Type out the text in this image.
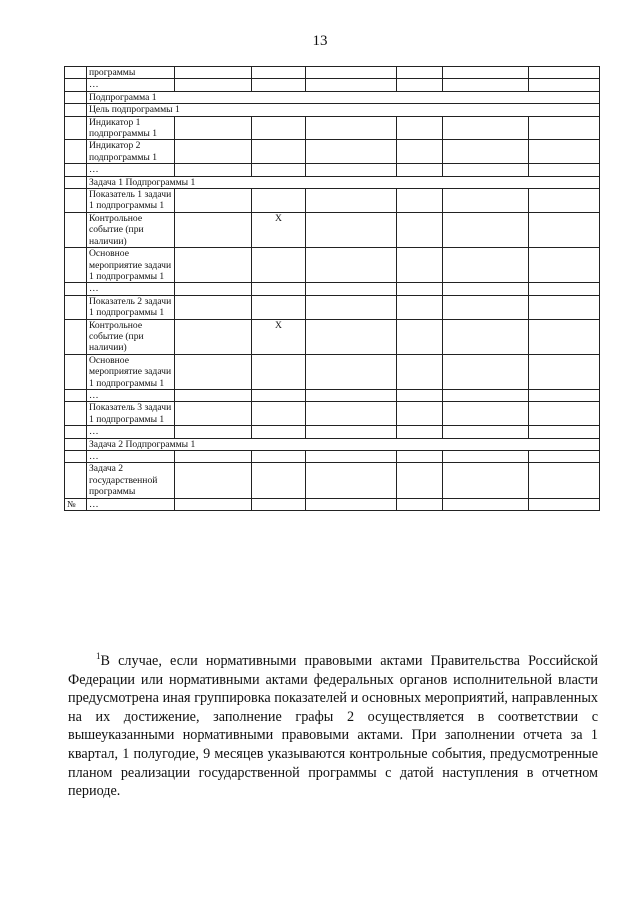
13
	программы						
	…						
	Подпрограмма 1						
	Цель подпрограммы 1						
	Индикатор 1 подпрограммы 1						
	Индикатор 2 подпрограммы 1						
	…						
	Задача 1 Подпрограммы 1						
	Показатель 1 задачи 1 подпрограммы 1						
	Контрольное событие (при наличии)		X				
	Основное мероприятие задачи 1 подпрограммы 1						
	…						
	Показатель 2 задачи 1 подпрограммы 1						
	Контрольное событие (при наличии)		X				
	Основное мероприятие задачи 1 подпрограммы 1						
	…						
	Показатель 3 задачи 1 подпрограммы 1						
	…						
	Задача 2 Подпрограммы 1						
	…						
	Задача 2 государственной программы						
№	…						
$^1$В случае, если нормативными правовыми актами Правительства Российской Федерации или нормативными актами федеральных органов исполнительной власти предусмотрена иная группировка показателей и основных мероприятий, направленных на их достижение, заполнение графы 2 осуществляется в соответствии с вышеуказанными нормативными правовыми актами. При заполнении отчета за 1 квартал, 1 полугодие, 9 месяцев указываются контрольные события, предусмотренные планом реализации государственной программы с датой наступления в отчетном периоде.
